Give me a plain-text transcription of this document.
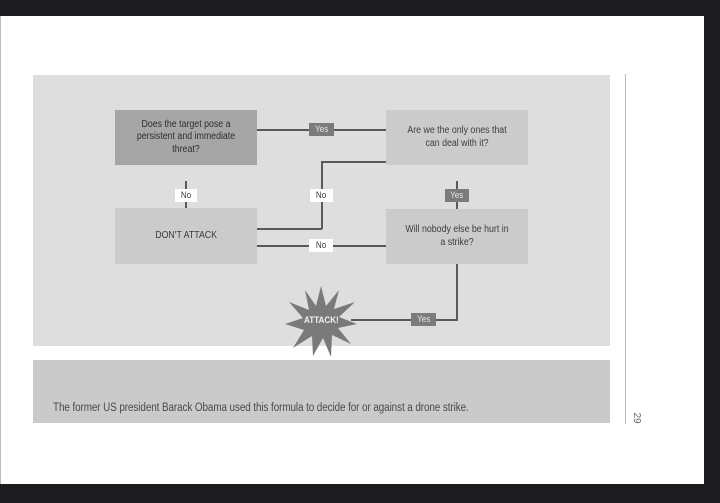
Does the target pose a persistent and immediate threat?
Are we the only ones that can deal with it?
DON'T ATTACK
Will nobody else be hurt in a strike?
ATTACK!
Yes
No	No	Yes
No
Yes
The former US president Barack Obama used this formula to decide for or against a drone strike.
29
